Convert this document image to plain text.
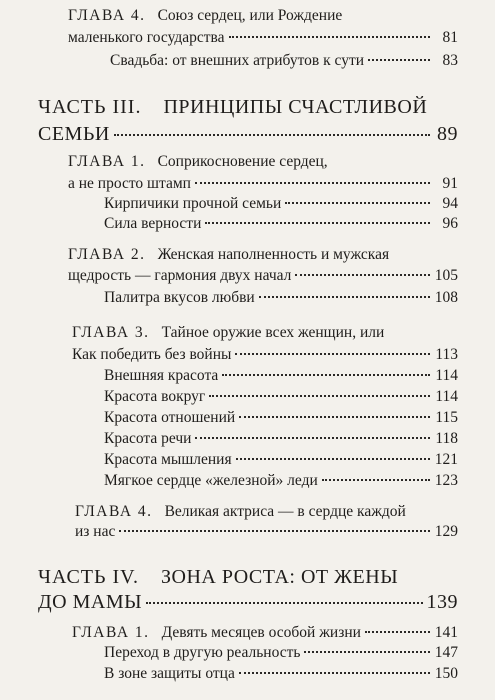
ГЛАВА 4. Союз сердец, или Рождение
маленького государства	81
Свадьба: от внешних атрибутов к сути	83
ЧАСТЬ III. ПРИНЦИПЫ СЧАСТЛИВОЙ
СЕМЬИ	89
ГЛАВА 1. Соприкосновение сердец,
а не просто штамп	91
Кирпичики прочной семьи	94
Сила верности	96
ГЛАВА 2. Женская наполненность и мужская
щедрость — гармония двух начал	105
Палитра вкусов любви	108
ГЛАВА 3. Тайное оружие всех женщин, или
Как победить без войны	113
Внешняя красота	114
Красота вокруг	114
Красота отношений	115
Красота речи	118
Красота мышления	121
Мягкое сердце «железной» леди	123
ГЛАВА 4. Великая актриса — в сердце каждой
из нас	129
ЧАСТЬ IV. ЗОНА РОСТА: ОТ ЖЕНЫ
ДО МАМЫ	139
ГЛАВА 1. Девять месяцев особой жизни	141
Переход в другую реальность	147
В зоне защиты отца	150
